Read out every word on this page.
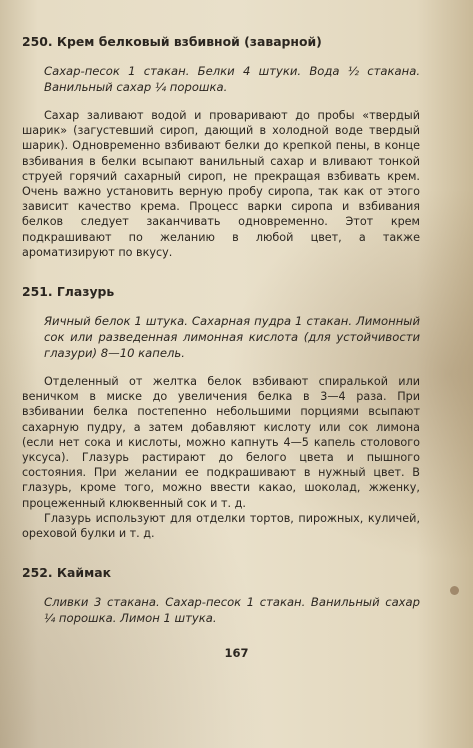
250. Крем белковый взбивной (заварной)

Сахар-песок 1 стакан. Белки 4 штуки. Вода ½ стакана. Ванильный сахар ¼ порошка.

Сахар заливают водой и проваривают до пробы «твердый шарик» (загустевший сироп, дающий в холодной воде твердый шарик). Одновременно взбивают белки до крепкой пены, в конце взбивания в белки всыпают ванильный сахар и вливают тонкой струей горячий сахарный сироп, не прекращая взбивать крем. Очень важно установить верную пробу сиропа, так как от этого зависит качество крема. Процесс варки сиропа и взбивания белков следует заканчивать одновременно. Этот крем подкрашивают по желанию в любой цвет, а также ароматизируют по вкусу.

251. Глазурь

Яичный белок 1 штука. Сахарная пудра 1 стакан. Лимонный сок или разведенная лимонная кислота (для устойчивости глазури) 8—10 капель.

Отделенный от желтка белок взбивают спиралькой или веничком в миске до увеличения белка в 3—4 раза. При взбивании белка постепенно небольшими порциями всыпают сахарную пудру, а затем добавляют кислоту или сок лимона (если нет сока и кислоты, можно капнуть 4—5 капель столового уксуса). Глазурь растирают до белого цвета и пышного состояния. При желании ее подкрашивают в нужный цвет. В глазурь, кроме того, можно ввести какао, шоколад, жженку, процеженный клюквенный сок и т. д.

Глазурь используют для отделки тортов, пирожных, куличей, ореховой булки и т. д.

252. Каймак

Сливки 3 стакана. Сахар-песок 1 стакан. Ванильный сахар ¼ порошка. Лимон 1 штука.

167
